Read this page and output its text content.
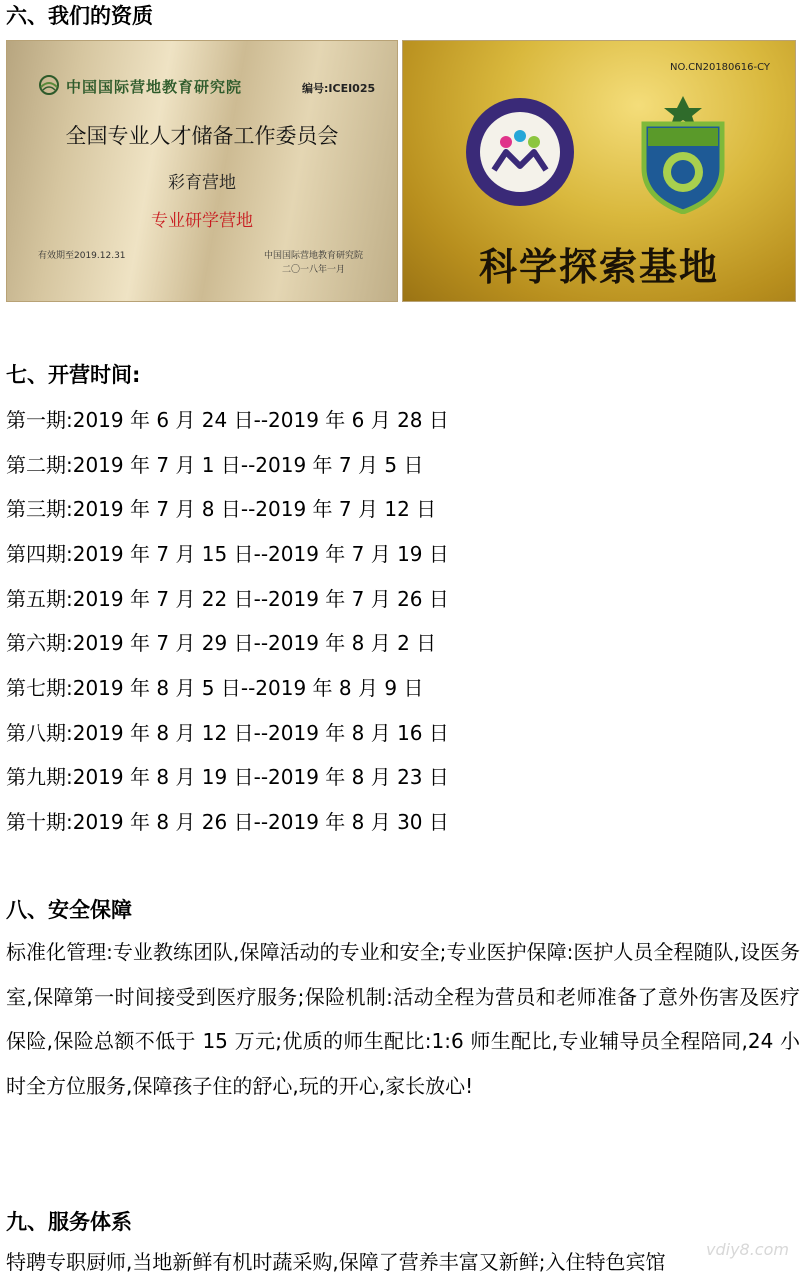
六、我们的资质
中国国际营地教育研究院	编号:ICEI025
全国专业人才储备工作委员会
彩育营地
专业研学营地
有效期至2019.12.31	中国国际营地教育研究院
二〇一八年一月
NO.CN20180616-CY
科学探索基地
七、开营时间:
第一期:2019 年 6 月 24 日--2019 年 6 月 28 日
第二期:2019 年 7 月 1 日--2019 年 7 月 5 日
第三期:2019 年 7 月 8 日--2019 年 7 月 12 日
第四期:2019 年 7 月 15 日--2019 年 7 月 19 日
第五期:2019 年 7 月 22 日--2019 年 7 月 26 日
第六期:2019 年 7 月 29 日--2019 年 8 月 2 日
第七期:2019 年 8 月 5 日--2019 年 8 月 9 日
第八期:2019 年 8 月 12 日--2019 年 8 月 16 日
第九期:2019 年 8 月 19 日--2019 年 8 月 23 日
第十期:2019 年 8 月 26 日--2019 年 8 月 30 日
八、安全保障
标准化管理:专业教练团队,保障活动的专业和安全;专业医护保障:医护人员全程随队,设医务室,保障第一时间接受到医疗服务;保险机制:活动全程为营员和老师准备了意外伤害及医疗保险,保险总额不低于 15 万元;优质的师生配比:1:6 师生配比,专业辅导员全程陪同,24 小时全方位服务,保障孩子住的舒心,玩的开心,家长放心!
九、服务体系
特聘专职厨师,当地新鲜有机时蔬采购,保障了营养丰富又新鲜;入住特色宾馆
vdiy8.com
